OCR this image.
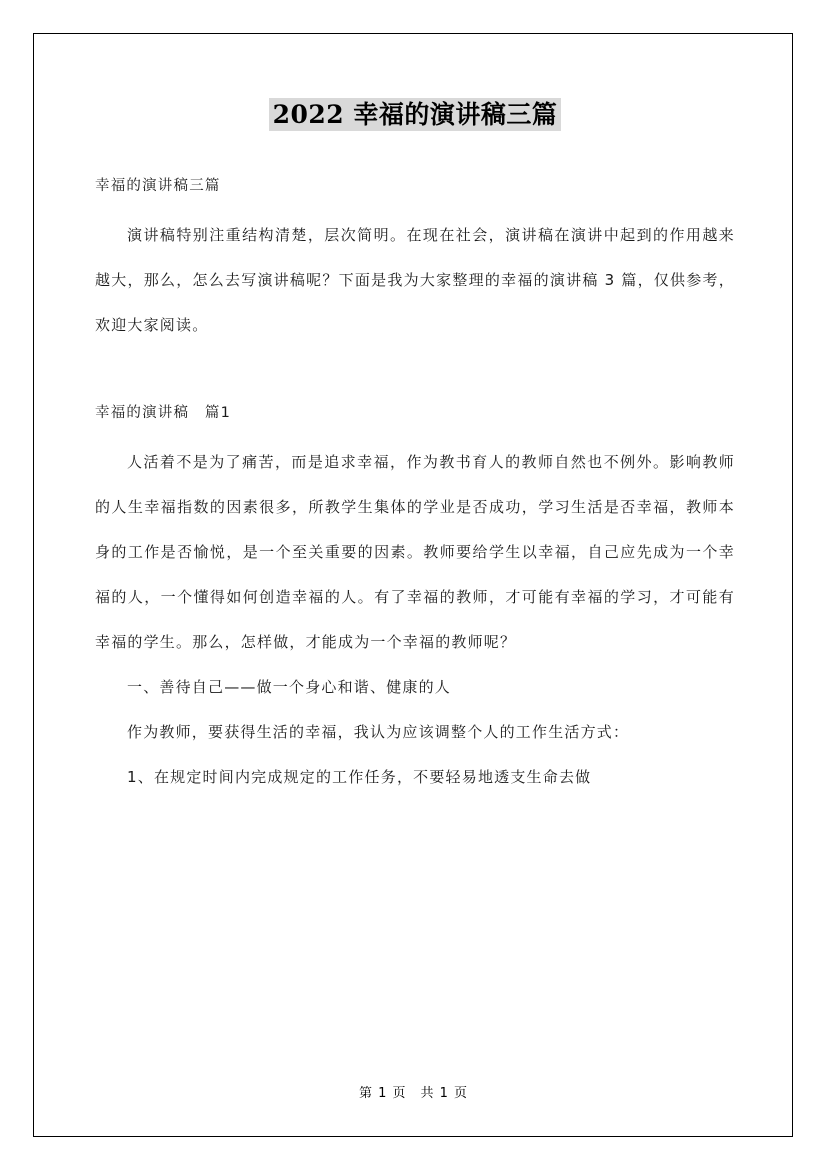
2022 幸福的演讲稿三篇

幸福的演讲稿三篇

演讲稿特别注重结构清楚，层次简明。在现在社会，演讲稿在演讲中起到的作用越来越大，那么，怎么去写演讲稿呢？下面是我为大家整理的幸福的演讲稿 3 篇，仅供参考，欢迎大家阅读。

幸福的演讲稿　篇1

人活着不是为了痛苦，而是追求幸福，作为教书育人的教师自然也不例外。影响教师的人生幸福指数的因素很多，所教学生集体的学业是否成功，学习生活是否幸福，教师本身的工作是否愉悦，是一个至关重要的因素。教师要给学生以幸福，自己应先成为一个幸福的人，一个懂得如何创造幸福的人。有了幸福的教师，才可能有幸福的学习，才可能有幸福的学生。那么，怎样做，才能成为一个幸福的教师呢？

一、善待自己——做一个身心和谐、健康的人

作为教师，要获得生活的幸福，我认为应该调整个人的工作生活方式：

1、在规定时间内完成规定的工作任务，不要轻易地透支生命去做

第 1 页　共 1 页
